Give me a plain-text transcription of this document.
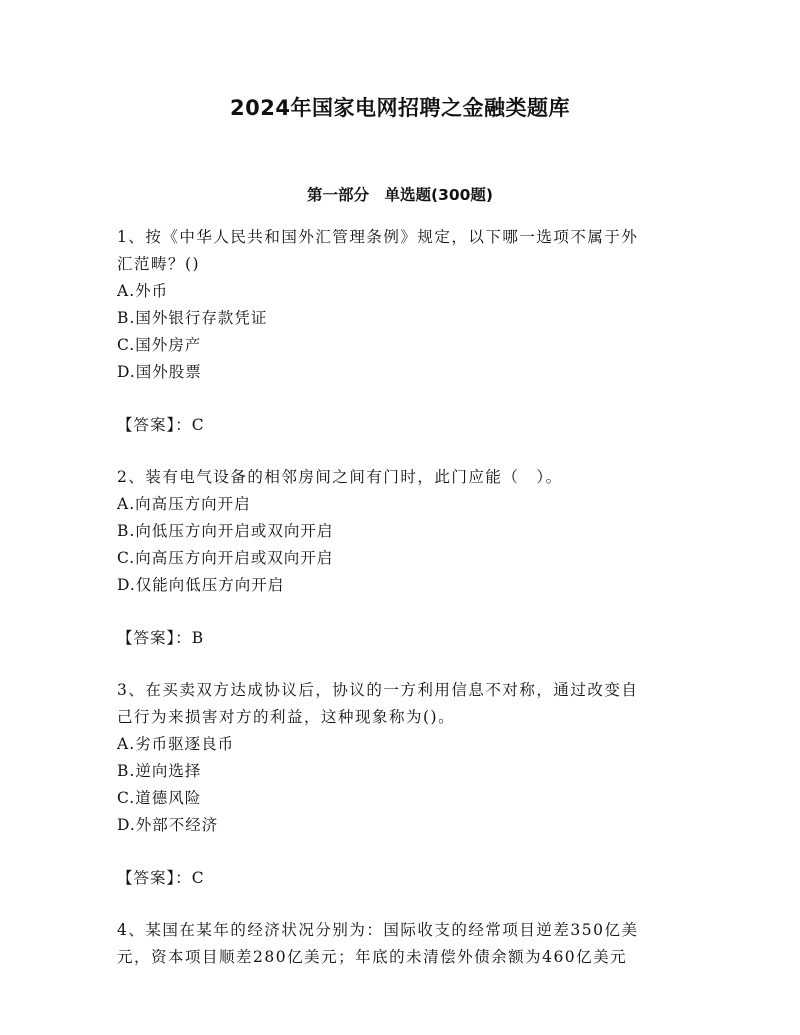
2024年国家电网招聘之金融类题库
第一部分　单选题(300题)

1、按《中华人民共和国外汇管理条例》规定，以下哪一选项不属于外

汇范畴？()

A.外币

B.国外银行存款凭证

C.国外房产

D.国外股票

【答案】：C

2、装有电气设备的相邻房间之间有门时，此门应能（　）。

A.向高压方向开启

B.向低压方向开启或双向开启

C.向高压方向开启或双向开启

D.仅能向低压方向开启

【答案】：B

3、在买卖双方达成协议后，协议的一方利用信息不对称，通过改变自

己行为来损害对方的利益，这种现象称为()。

A.劣币驱逐良币

B.逆向选择

C.道德风险

D.外部不经济

【答案】：C

4、某国在某年的经济状况分别为：国际收支的经常项目逆差350亿美

元，资本项目顺差280亿美元；年底的未清偿外债余额为460亿美元
